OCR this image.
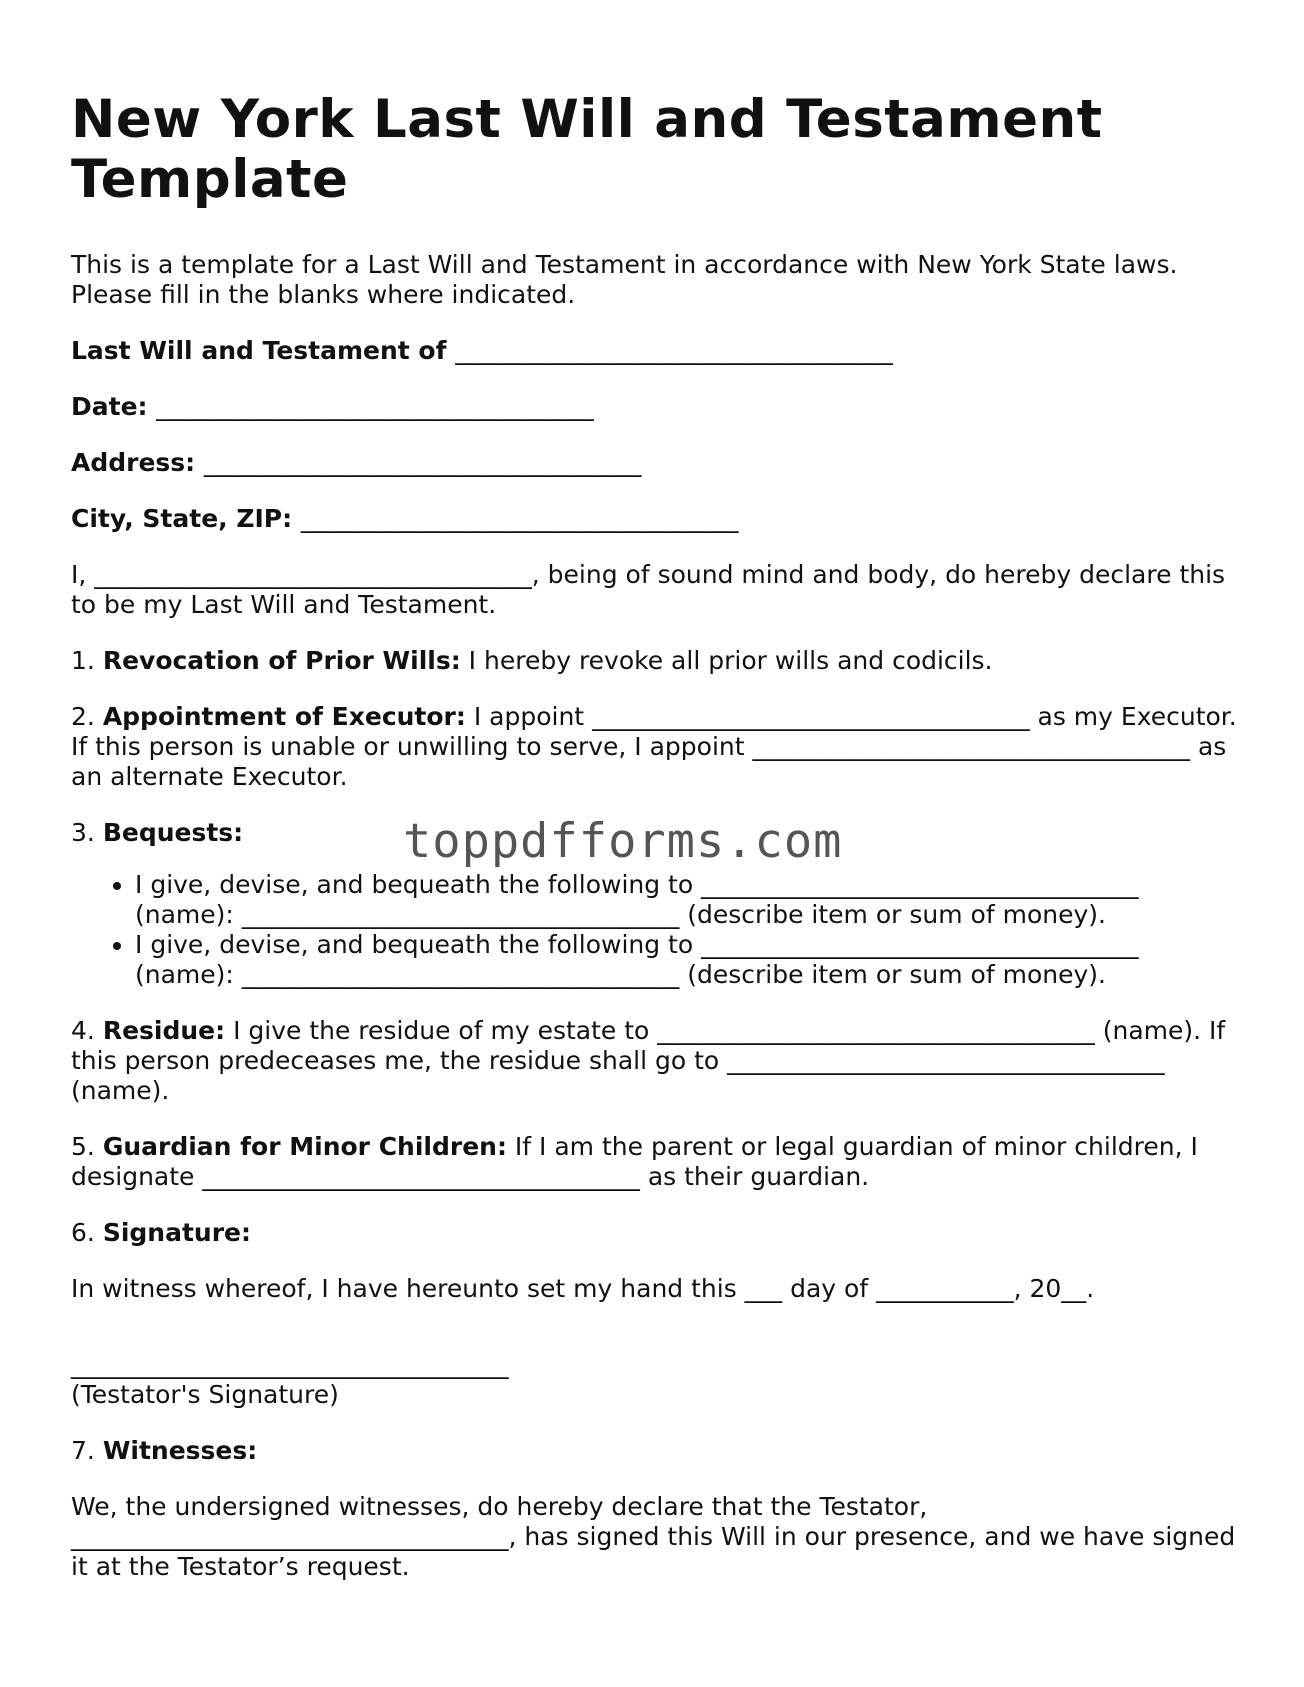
New York Last Will and Testament Template

This is a template for a Last Will and Testament in accordance with New York State laws. Please fill in the blanks where indicated.

Last Will and Testament of ___________________________________

Date: ___________________________________

Address: ___________________________________

City, State, ZIP: ___________________________________

I, ___________________________________, being of sound mind and body, do hereby declare this to be my Last Will and Testament.

1. Revocation of Prior Wills: I hereby revoke all prior wills and codicils.

2. Appointment of Executor: I appoint ___________________________________ as my Executor. If this person is unable or unwilling to serve, I appoint ___________________________________ as an alternate Executor.

3. Bequests:

• I give, devise, and bequeath the following to ___________________________________ (name): ___________________________________ (describe item or sum of money).
• I give, devise, and bequeath the following to ___________________________________ (name): ___________________________________ (describe item or sum of money).

4. Residue: I give the residue of my estate to ___________________________________ (name). If this person predeceases me, the residue shall go to ___________________________________ (name).

5. Guardian for Minor Children: If I am the parent or legal guardian of minor children, I designate ___________________________________ as their guardian.

6. Signature:

In witness whereof, I have hereunto set my hand this ___ day of ___________, 20__.

___________________________________

(Testator's Signature)

7. Witnesses:

We, the undersigned witnesses, do hereby declare that the Testator, ___________________________________, has signed this Will in our presence, and we have signed it at the Testator’s request.

toppdfforms.com
